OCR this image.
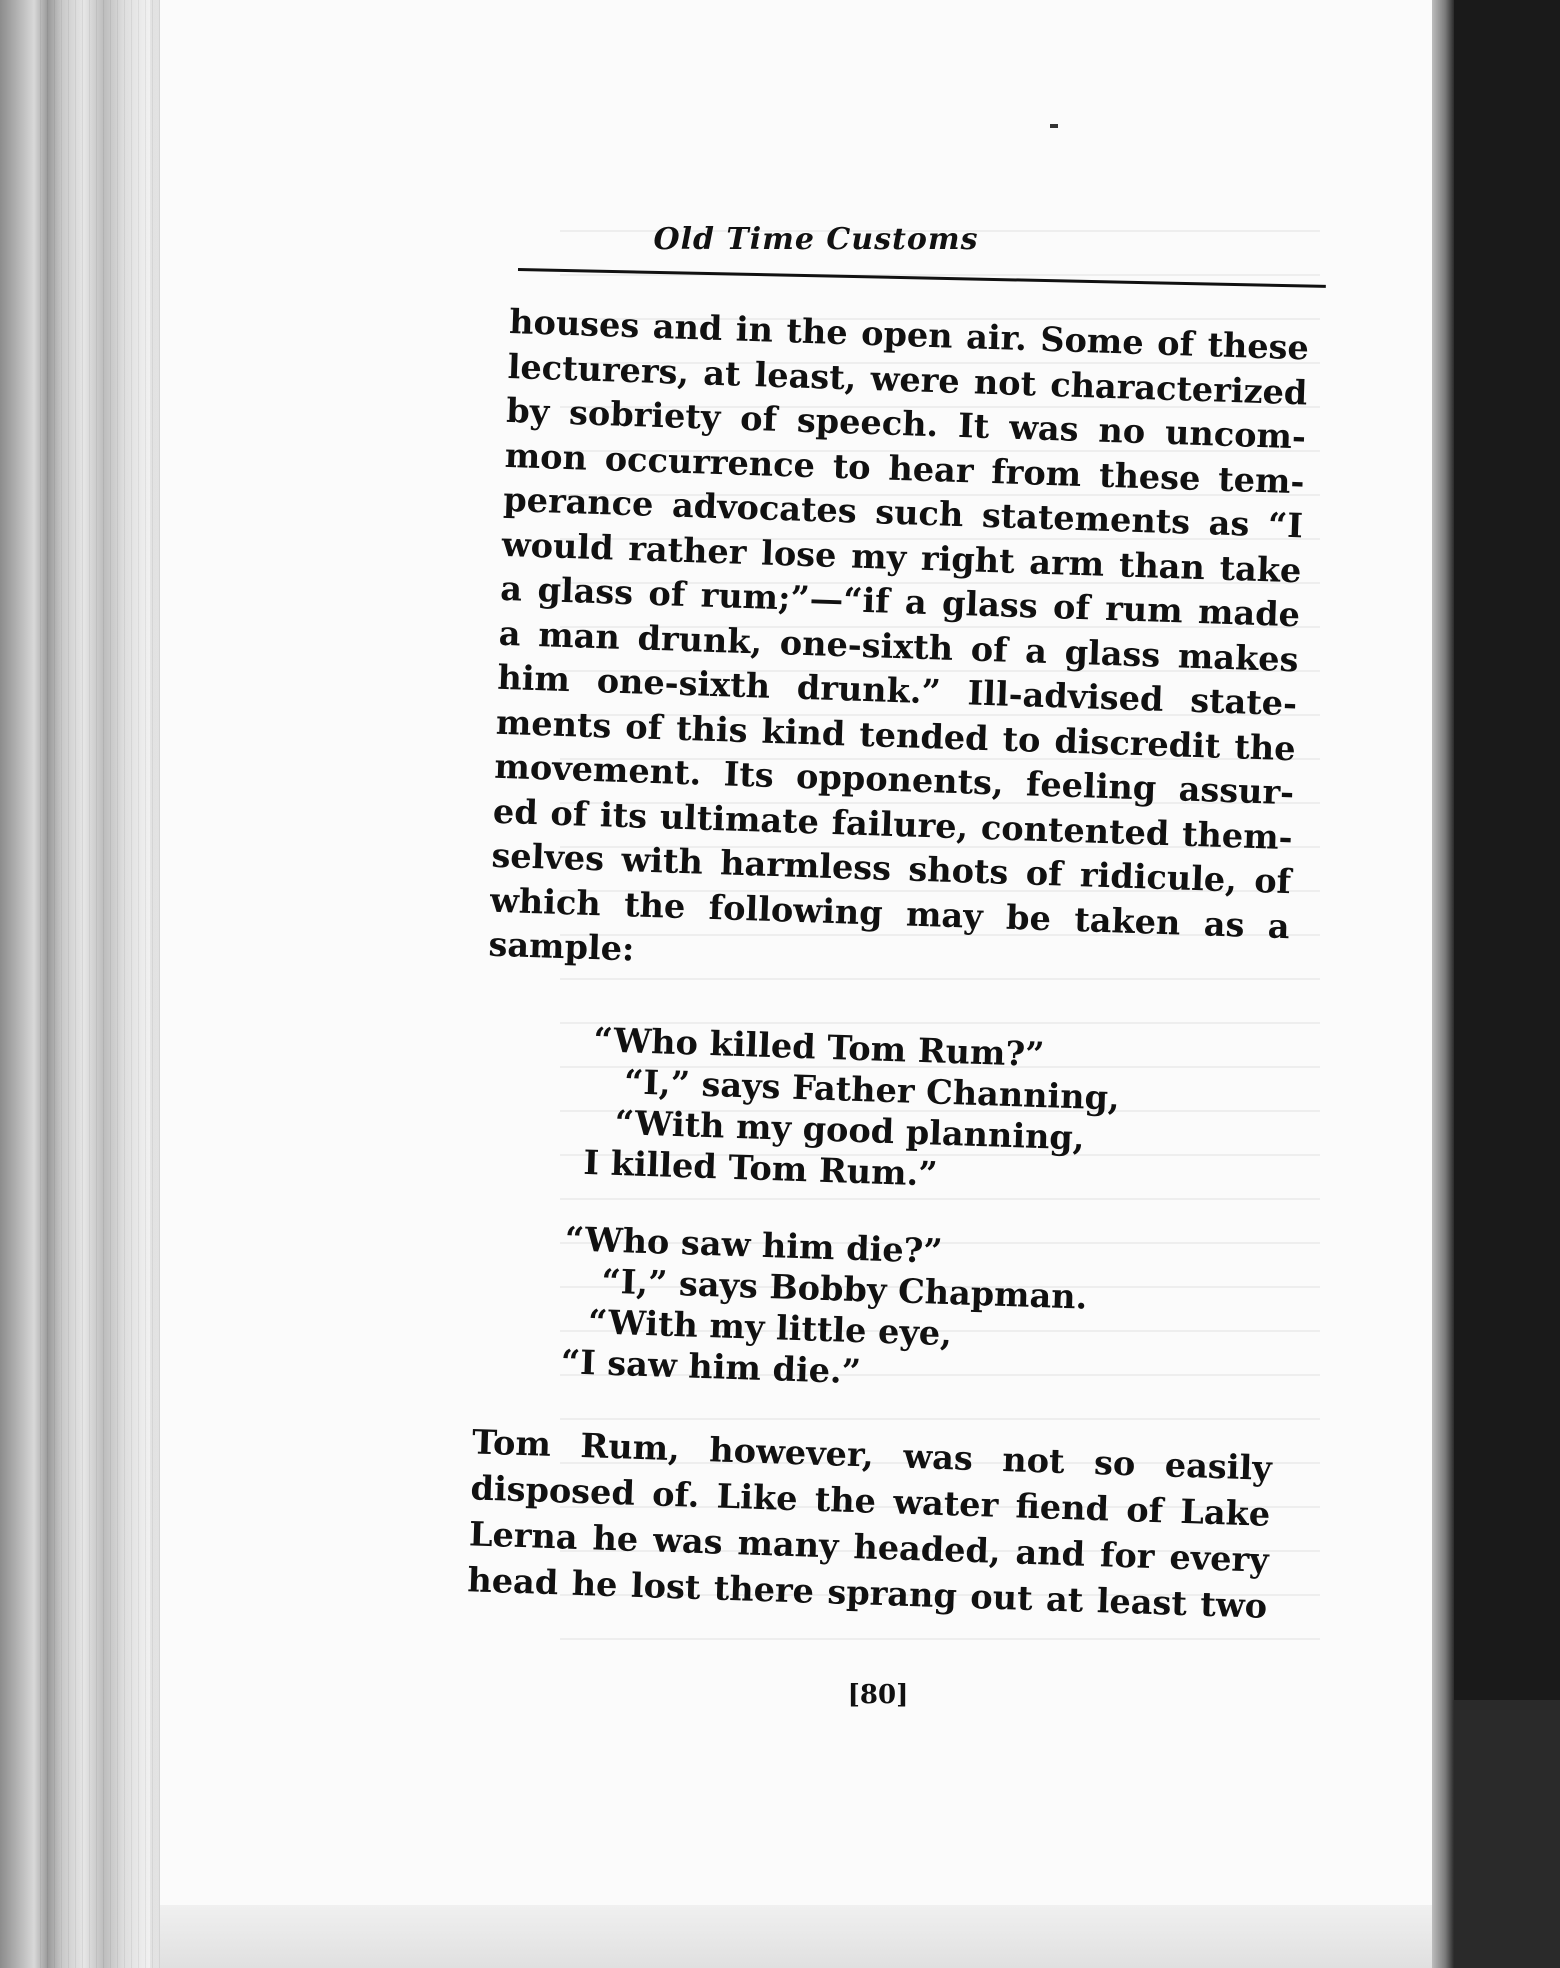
Old Time Customs
houses and in the open air. Some of these
lecturers, at least, were not characterized
by sobriety of speech. It was no uncom-
mon occurrence to hear from these tem-
perance advocates such statements as “I
would rather lose my right arm than take
a glass of rum;”—“if a glass of rum made
a man drunk, one-sixth of a glass makes
him one-sixth drunk.” Ill-advised state-
ments of this kind tended to discredit the
movement. Its opponents, feeling assur-
ed of its ultimate failure, contented them-
selves with harmless shots of ridicule, of
which the following may be taken as a
sample:
“Who killed Tom Rum?”
“I,” says Father Channing,
“With my good planning,
I killed Tom Rum.”
“Who saw him die?”
“I,” says Bobby Chapman.
“With my little eye,
“I saw him die.”
Tom Rum, however, was not so easily
disposed of. Like the water fiend of Lake
Lerna he was many headed, and for every
head he lost there sprang out at least two
[80]
